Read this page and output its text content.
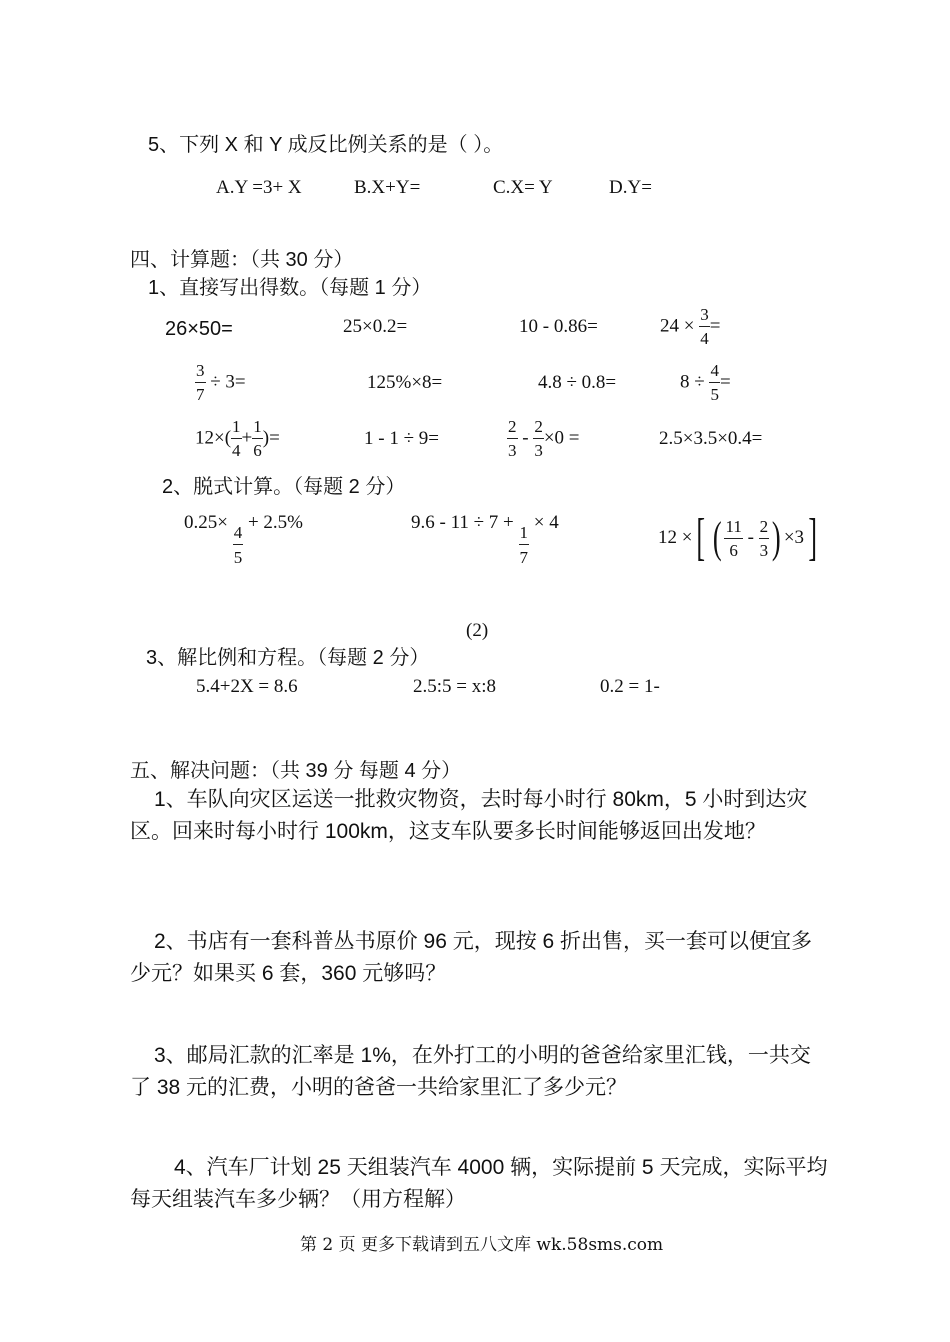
5、下列 X 和 Y 成反比例关系的是（ ）。
A.Y =3+ X	B.X+Y=	C.X= Y	D.Y=
四、计算题：（共 30 分）
1、直接写出得数。（每题 1 分）
26×50=	25×0.2=	10 - 0.86=	$24 \times \frac{3}{4}$ =
$\frac{3}{7} \div 3=$	125%×8=	4.8 ÷ 0.8=	$8 \div \frac{4}{5}$ =
$12\times( \frac{1}{4} + \frac{1}{6}$ )=	1 - 1 ÷ 9=	$\frac{2}{3} - \frac{2}{3} \times 0$ =	2.5×3.5×0.4=
2、脱式计算。（每题 2 分）
0.25×
$\frac{4}{5}$
+ 2.5%	9.6 - 11 ÷ 7 +
$\frac{1}{7}$
× 4
12 ×[ ( $\frac{11}{6} - \frac{2}{3}$ ) ×3]
(2)
3、解比例和方程。（每题 2 分）
5.4+2X = 8.6	2.5:5 = x:8	0.2 = 1-
五、解决问题：（共 39 分 每题 4 分）
1、车队向灾区运送一批救灾物资，去时每小时行 80km，5 小时到达灾区。回来时每小时行 100km，这支车队要多长时间能够返回出发地？
2、书店有一套科普丛书原价 96 元，现按 6 折出售，买一套可以便宜多少元？如果买 6 套，360 元够吗？
3、邮局汇款的汇率是 1%，在外打工的小明的爸爸给家里汇钱，一共交了 38 元的汇费，小明的爸爸一共给家里汇了多少元？
4、汽车厂计划 25 天组装汽车 4000 辆，实际提前 5 天完成，实际平均每天组装汽车多少辆？（用方程解）
第 2 页 更多下载请到五八文库 wk.58sms.com
